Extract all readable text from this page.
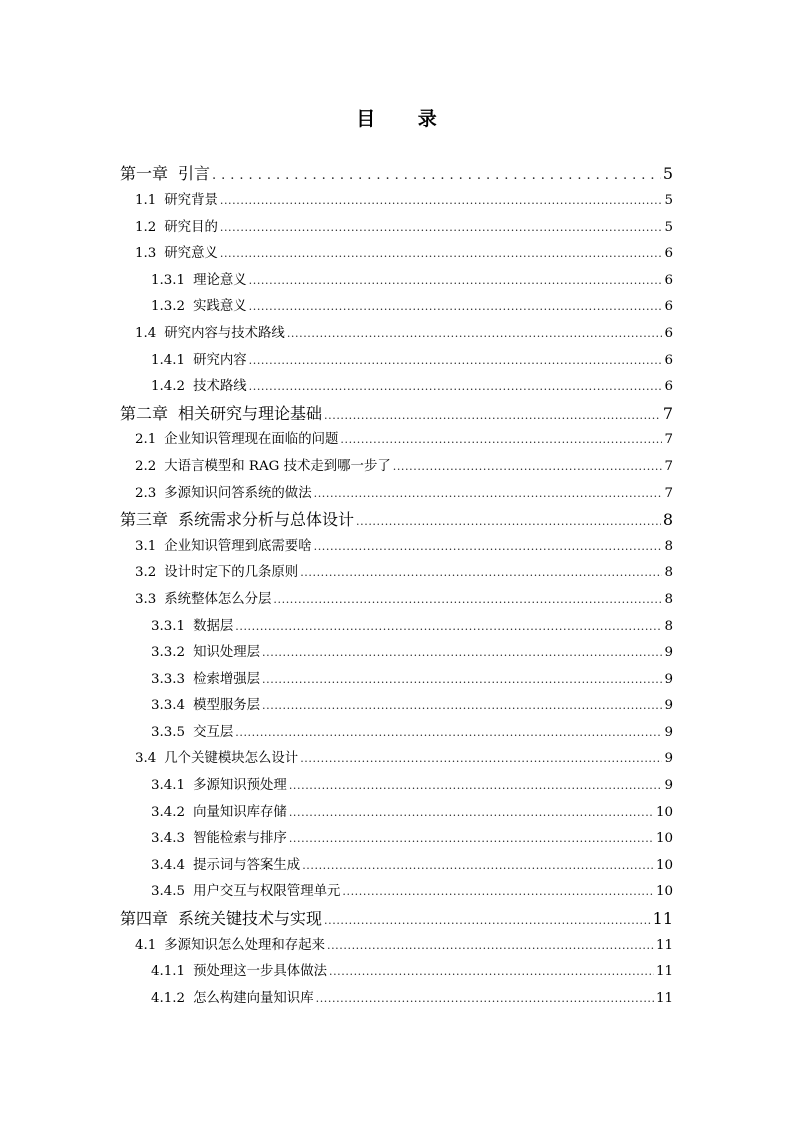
目 录
第一章 引言 .....	5
1.1 研究背景 .....	5
1.2 研究目的 .....	5
1.3 研究意义 .....	6
1.3.1 理论意义 .....	6
1.3.2 实践意义 .....	6
1.4 研究内容与技术路线 .....	6
1.4.1 研究内容 .....	6
1.4.2 技术路线 .....	6
第二章 相关研究与理论基础 .....	7
2.1 企业知识管理现在面临的问题 .....	7
2.2 大语言模型和 RAG 技术走到哪一步了 .....	7
2.3 多源知识问答系统的做法 .....	7
第三章 系统需求分析与总体设计 .....	8
3.1 企业知识管理到底需要啥 .....	8
3.2 设计时定下的几条原则 .....	8
3.3 系统整体怎么分层 .....	8
3.3.1 数据层 .....	8
3.3.2 知识处理层 .....	9
3.3.3 检索增强层 .....	9
3.3.4 模型服务层 .....	9
3.3.5 交互层 .....	9
3.4 几个关键模块怎么设计 .....	9
3.4.1 多源知识预处理 .....	9
3.4.2 向量知识库存储 .....	10
3.4.3 智能检索与排序 .....	10
3.4.4 提示词与答案生成 .....	10
3.4.5 用户交互与权限管理单元 .....	10
第四章 系统关键技术与实现 .....	11
4.1 多源知识怎么处理和存起来 .....	11
4.1.1 预处理这一步具体做法 .....	11
4.1.2 怎么构建向量知识库 .....	11
